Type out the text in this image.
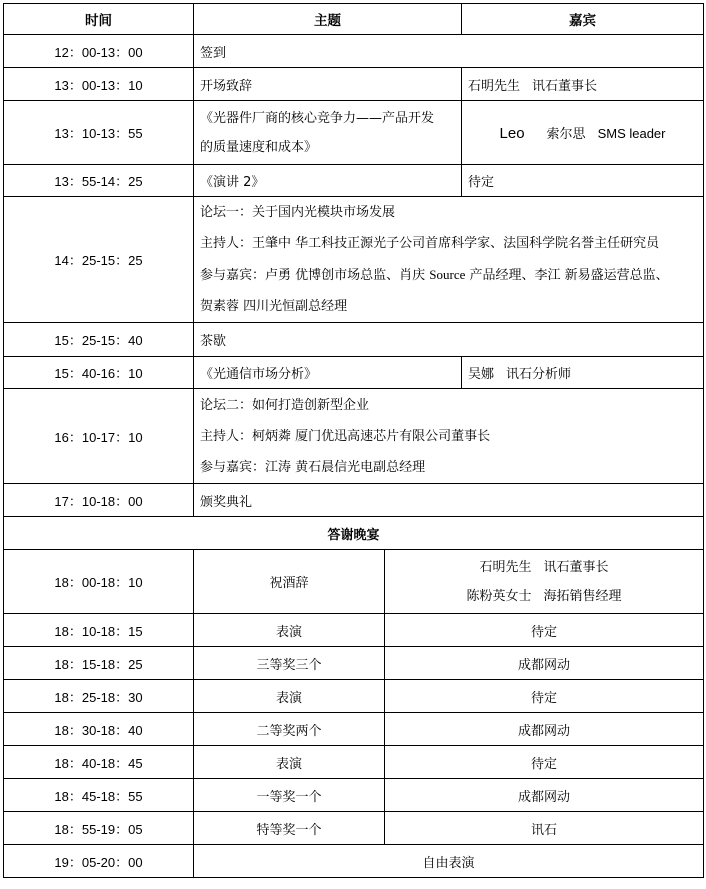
时间	主题		嘉宾
12：00-13：00	签到		
13：00-13：10	开场致辞		石明先生 讯石董事长
13：10-13：55	《光器件厂商的核心竞争力——产品开发
的质量速度和成本》		Leo 索尔思 SMS leader
13：55-14：25	《演讲 2》		待定
14：25-15：25	论坛一：关于国内光模块市场发展
主持人：王肇中 华工科技正源光子公司首席科学家、法国科学院名誉主任研究员
参与嘉宾：卢勇 优博创市场总监、肖庆 Source 产品经理、李江 新易盛运营总监、
贺素蓉 四川光恒副总经理		

15：25-15：40	茶歇		
15：40-16：10	《光通信市场分析》		吴娜 讯石分析师
16：10-17：10	论坛二：如何打造创新型企业
主持人：柯炳粦 厦门优迅高速芯片有限公司董事长
参与嘉宾：江涛 黄石晨信光电副总经理		

17：10-18：00	颁奖典礼		
答谢晚宴			
18：00-18：10	祝酒辞	石明先生 讯石董事长
陈粉英女士 海拓销售经理	

18：10-18：15	表演	待定	
18：15-18：25	三等奖三个	成都网动	
18：25-18：30	表演	待定	
18：30-18：40	二等奖两个	成都网动	
18：40-18：45	表演	待定	
18：45-18：55	一等奖一个	成都网动	
18：55-19：05	特等奖一个	讯石	
19：05-20：00	自由表演		
